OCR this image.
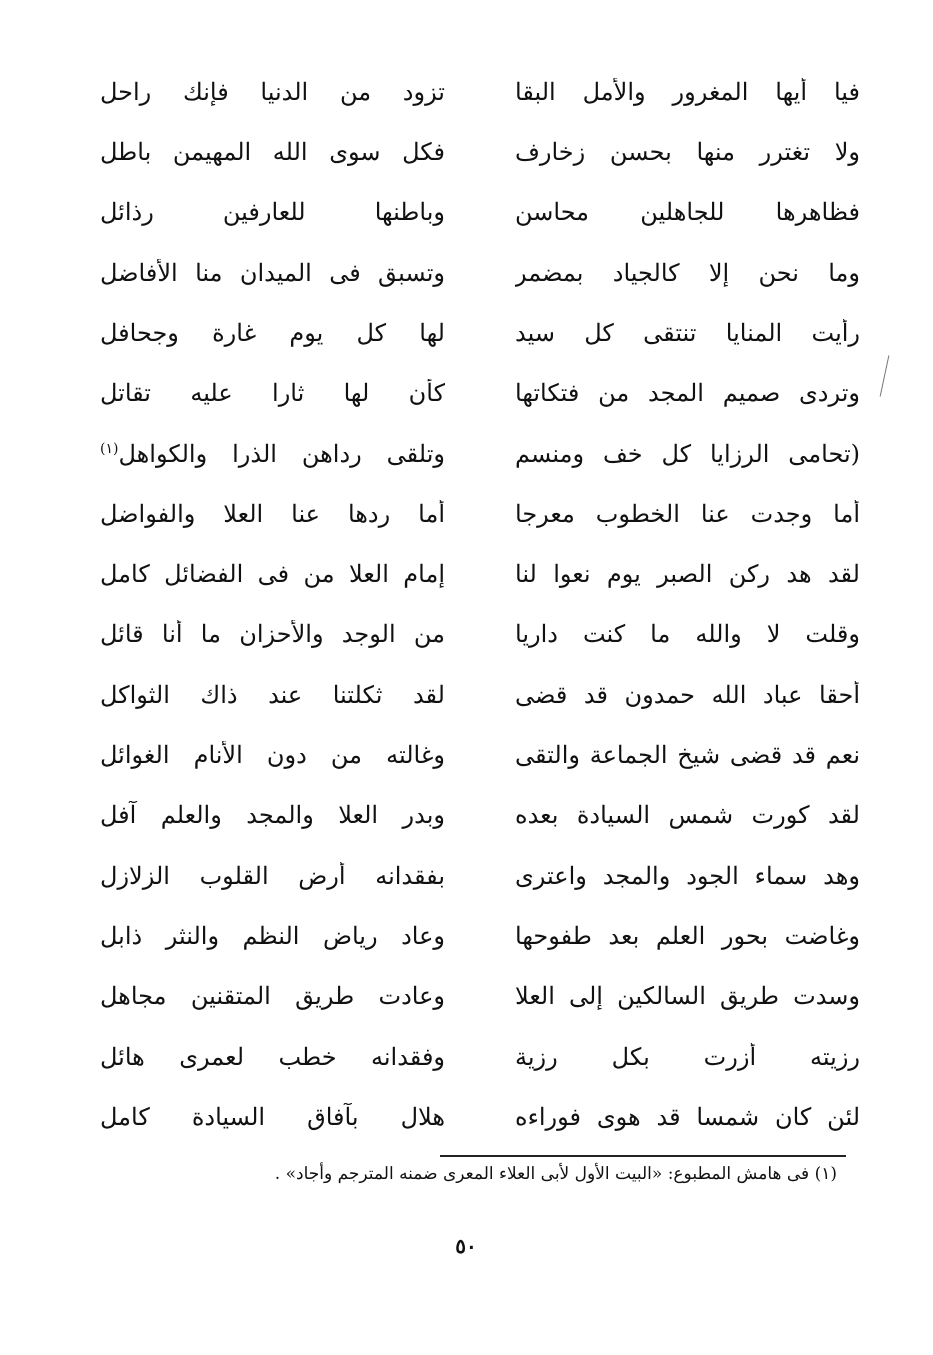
فيا أيها المغرور والأمل البقا
تزود من الدنيا فإنك راحل
ولا تغترر منها بحسن زخارف
فكل سوى الله المهيمن باطل
فظاهرها للجاهلين محاسن
وباطنها للعارفين رذائل
وما نحن إلا كالجياد بمضمر
وتسبق فى الميدان منا الأفاضل
رأيت المنايا تنتقى كل سيد
لها كل يوم غارة وجحافل
وتردى صميم المجد من فتكاتها
كأن لها ثارا عليه تقاتل
(تحامى الرزايا كل خف ومنسم
وتلقى رداهن الذرا والكواهل$^{(١)}$
أما وجدت عنا الخطوب معرجا
أما ردها عنا العلا والفواضل
لقد هد ركن الصبر يوم نعوا لنا
إمام العلا من فى الفضائل كامل
وقلت لا والله ما كنت داريا
من الوجد والأحزان ما أنا قائل
أحقا عباد الله حمدون قد قضى
لقد ثكلتنا عند ذاك الثواكل
نعم قد قضى شيخ الجماعة والتقى
وغالته من دون الأنام الغوائل
لقد كورت شمس السيادة بعده
وبدر العلا والمجد والعلم آفل
وهد سماء الجود والمجد واعترى
بفقدانه أرض القلوب الزلازل
وغاضت بحور العلم بعد طفوحها
وعاد رياض النظم والنثر ذابل
وسدت طريق السالكين إلى العلا
وعادت طريق المتقنين مجاهل
رزيته أزرت بكل رزية
وفقدانه خطب لعمرى هائل
لئن كان شمسا قد هوى فوراءه
هلال بآفاق السيادة كامل
(١) فى هامش المطبوع: «البيت الأول لأبى العلاء المعرى ضمنه المترجم وأجاد» .
٥٠
